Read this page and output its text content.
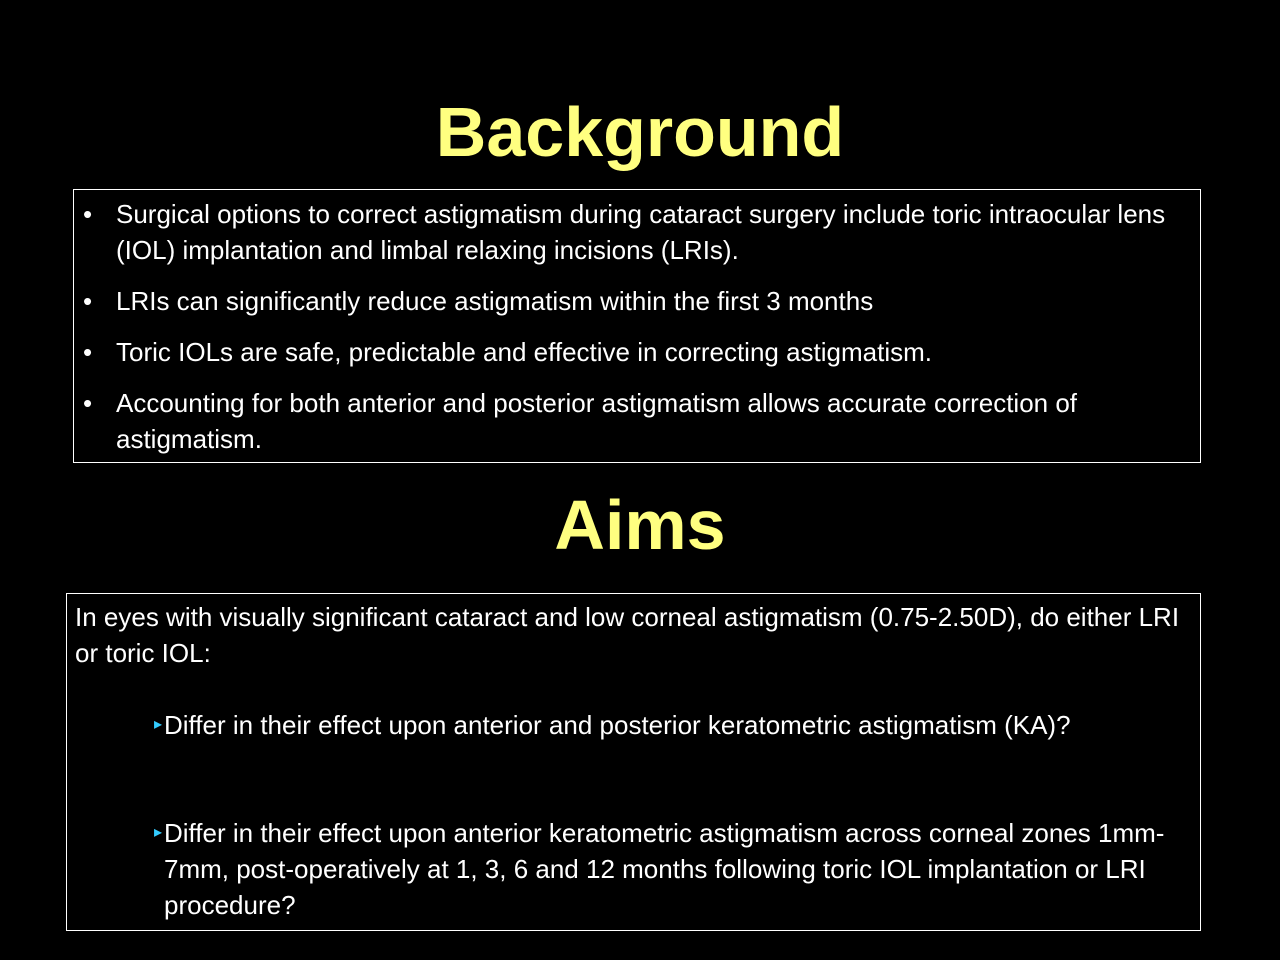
Background
• Surgical options to correct astigmatism during cataract surgery include toric intraocular lens (IOL) implantation and limbal relaxing incisions (LRIs).
• LRIs can significantly reduce astigmatism within the first 3 months
• Toric IOLs are safe, predictable and effective in correcting astigmatism.
• Accounting for both anterior and posterior astigmatism allows accurate correction of astigmatism.
Aims

In eyes with visually significant cataract and low corneal astigmatism (0.75-2.50D), do either LRI or toric IOL:

▸ Differ in their effect upon anterior and posterior keratometric astigmatism (KA)?
▸ Differ in their effect upon anterior keratometric astigmatism across corneal zones 1mm-7mm, post-operatively at 1, 3, 6 and 12 months following toric IOL implantation or LRI procedure?
